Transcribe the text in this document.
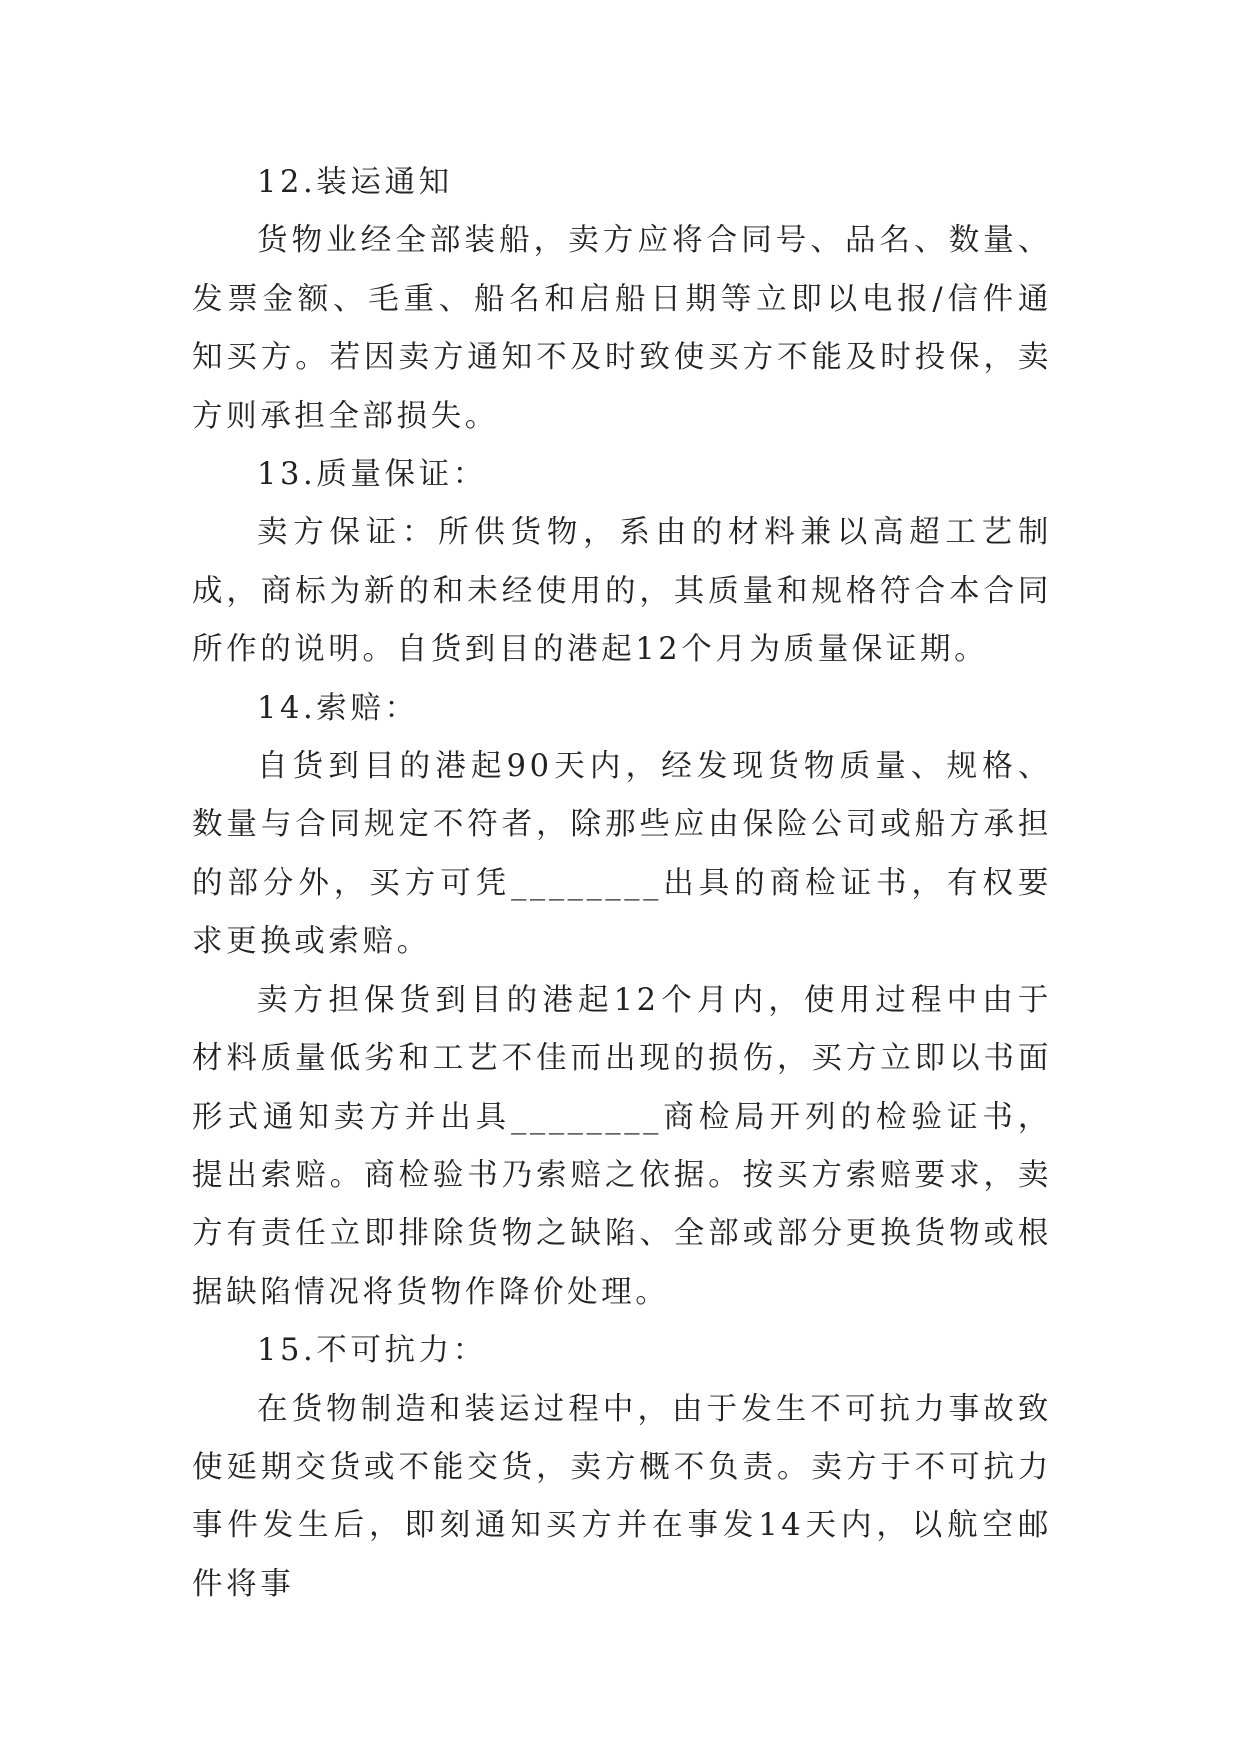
12.装运通知

货物业经全部装船，卖方应将合同号、品名、数量、发票金额、毛重、船名和启船日期等立即以电报/信件通知买方。若因卖方通知不及时致使买方不能及时投保，卖方则承担全部损失。

13.质量保证：

卖方保证：所供货物，系由的材料兼以高超工艺制成，商标为新的和未经使用的，其质量和规格符合本合同所作的说明。自货到目的港起12个月为质量保证期。

14.索赔：

自货到目的港起90天内，经发现货物质量、规格、数量与合同规定不符者，除那些应由保险公司或船方承担的部分外，买方可凭________出具的商检证书，有权要求更换或索赔。

卖方担保货到目的港起12个月内，使用过程中由于材料质量低劣和工艺不佳而出现的损伤，买方立即以书面形式通知卖方并出具________商检局开列的检验证书，提出索赔。商检验书乃索赔之依据。按买方索赔要求，卖方有责任立即排除货物之缺陷、全部或部分更换货物或根据缺陷情况将货物作降价处理。

15.不可抗力：

在货物制造和装运过程中，由于发生不可抗力事故致使延期交货或不能交货，卖方概不负责。卖方于不可抗力事件发生后，即刻通知买方并在事发14天内，以航空邮件将事
